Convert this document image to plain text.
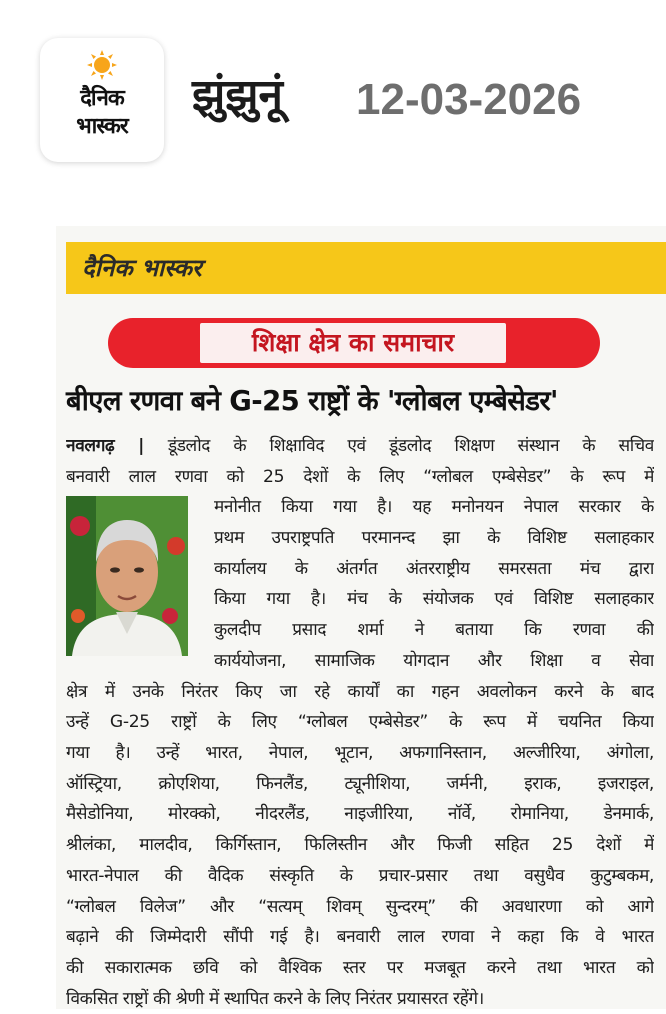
दैनिक
भास्कर
झुंझुनूं 12-03-2026
दैनिक भास्कर
शिक्षा क्षेत्र का समाचार
बीएल रणवा बने G-25 राष्ट्रों के 'ग्लोबल एम्बेसेडर'
नवलगढ़ | डूंडलोद के शिक्षाविद एवं डूंडलोद शिक्षण संस्थान के सचिव
बनवारी लाल रणवा को 25 देशों के लिए “ग्लोबल एम्बेसेडर” के रूप में
मनोनीत किया गया है। यह मनोनयन नेपाल सरकार के
प्रथम उपराष्ट्रपति परमानन्द झा के विशिष्ट सलाहकार
कार्यालय के अंतर्गत अंतरराष्ट्रीय समरसता मंच द्वारा
किया गया है। मंच के संयोजक एवं विशिष्ट सलाहकार
कुलदीप प्रसाद शर्मा ने बताया कि रणवा की
कार्ययोजना, सामाजिक योगदान और शिक्षा व सेवा
क्षेत्र में उनके निरंतर किए जा रहे कार्यों का गहन अवलोकन करने के बाद
उन्हें G-25 राष्ट्रों के लिए “ग्लोबल एम्बेसेडर” के रूप में चयनित किया
गया है। उन्हें भारत, नेपाल, भूटान, अफगानिस्तान, अल्जीरिया, अंगोला,
ऑस्ट्रिया, क्रोएशिया, फिनलैंड, ट्यूनीशिया, जर्मनी, इराक, इजराइल,
मैसेडोनिया, मोरक्को, नीदरलैंड, नाइजीरिया, नॉर्वे, रोमानिया, डेनमार्क,
श्रीलंका, मालदीव, किर्गिस्तान, फिलिस्तीन और फिजी सहित 25 देशों में
भारत-नेपाल की वैदिक संस्कृति के प्रचार-प्रसार तथा वसुधैव कुटुम्बकम,
“ग्लोबल विलेज” और “सत्यम् शिवम् सुन्दरम्” की अवधारणा को आगे
बढ़ाने की जिम्मेदारी सौंपी गई है। बनवारी लाल रणवा ने कहा कि वे भारत
की सकारात्मक छवि को वैश्विक स्तर पर मजबूत करने तथा भारत को
विकसित राष्ट्रों की श्रेणी में स्थापित करने के लिए निरंतर प्रयासरत रहेंगे।
